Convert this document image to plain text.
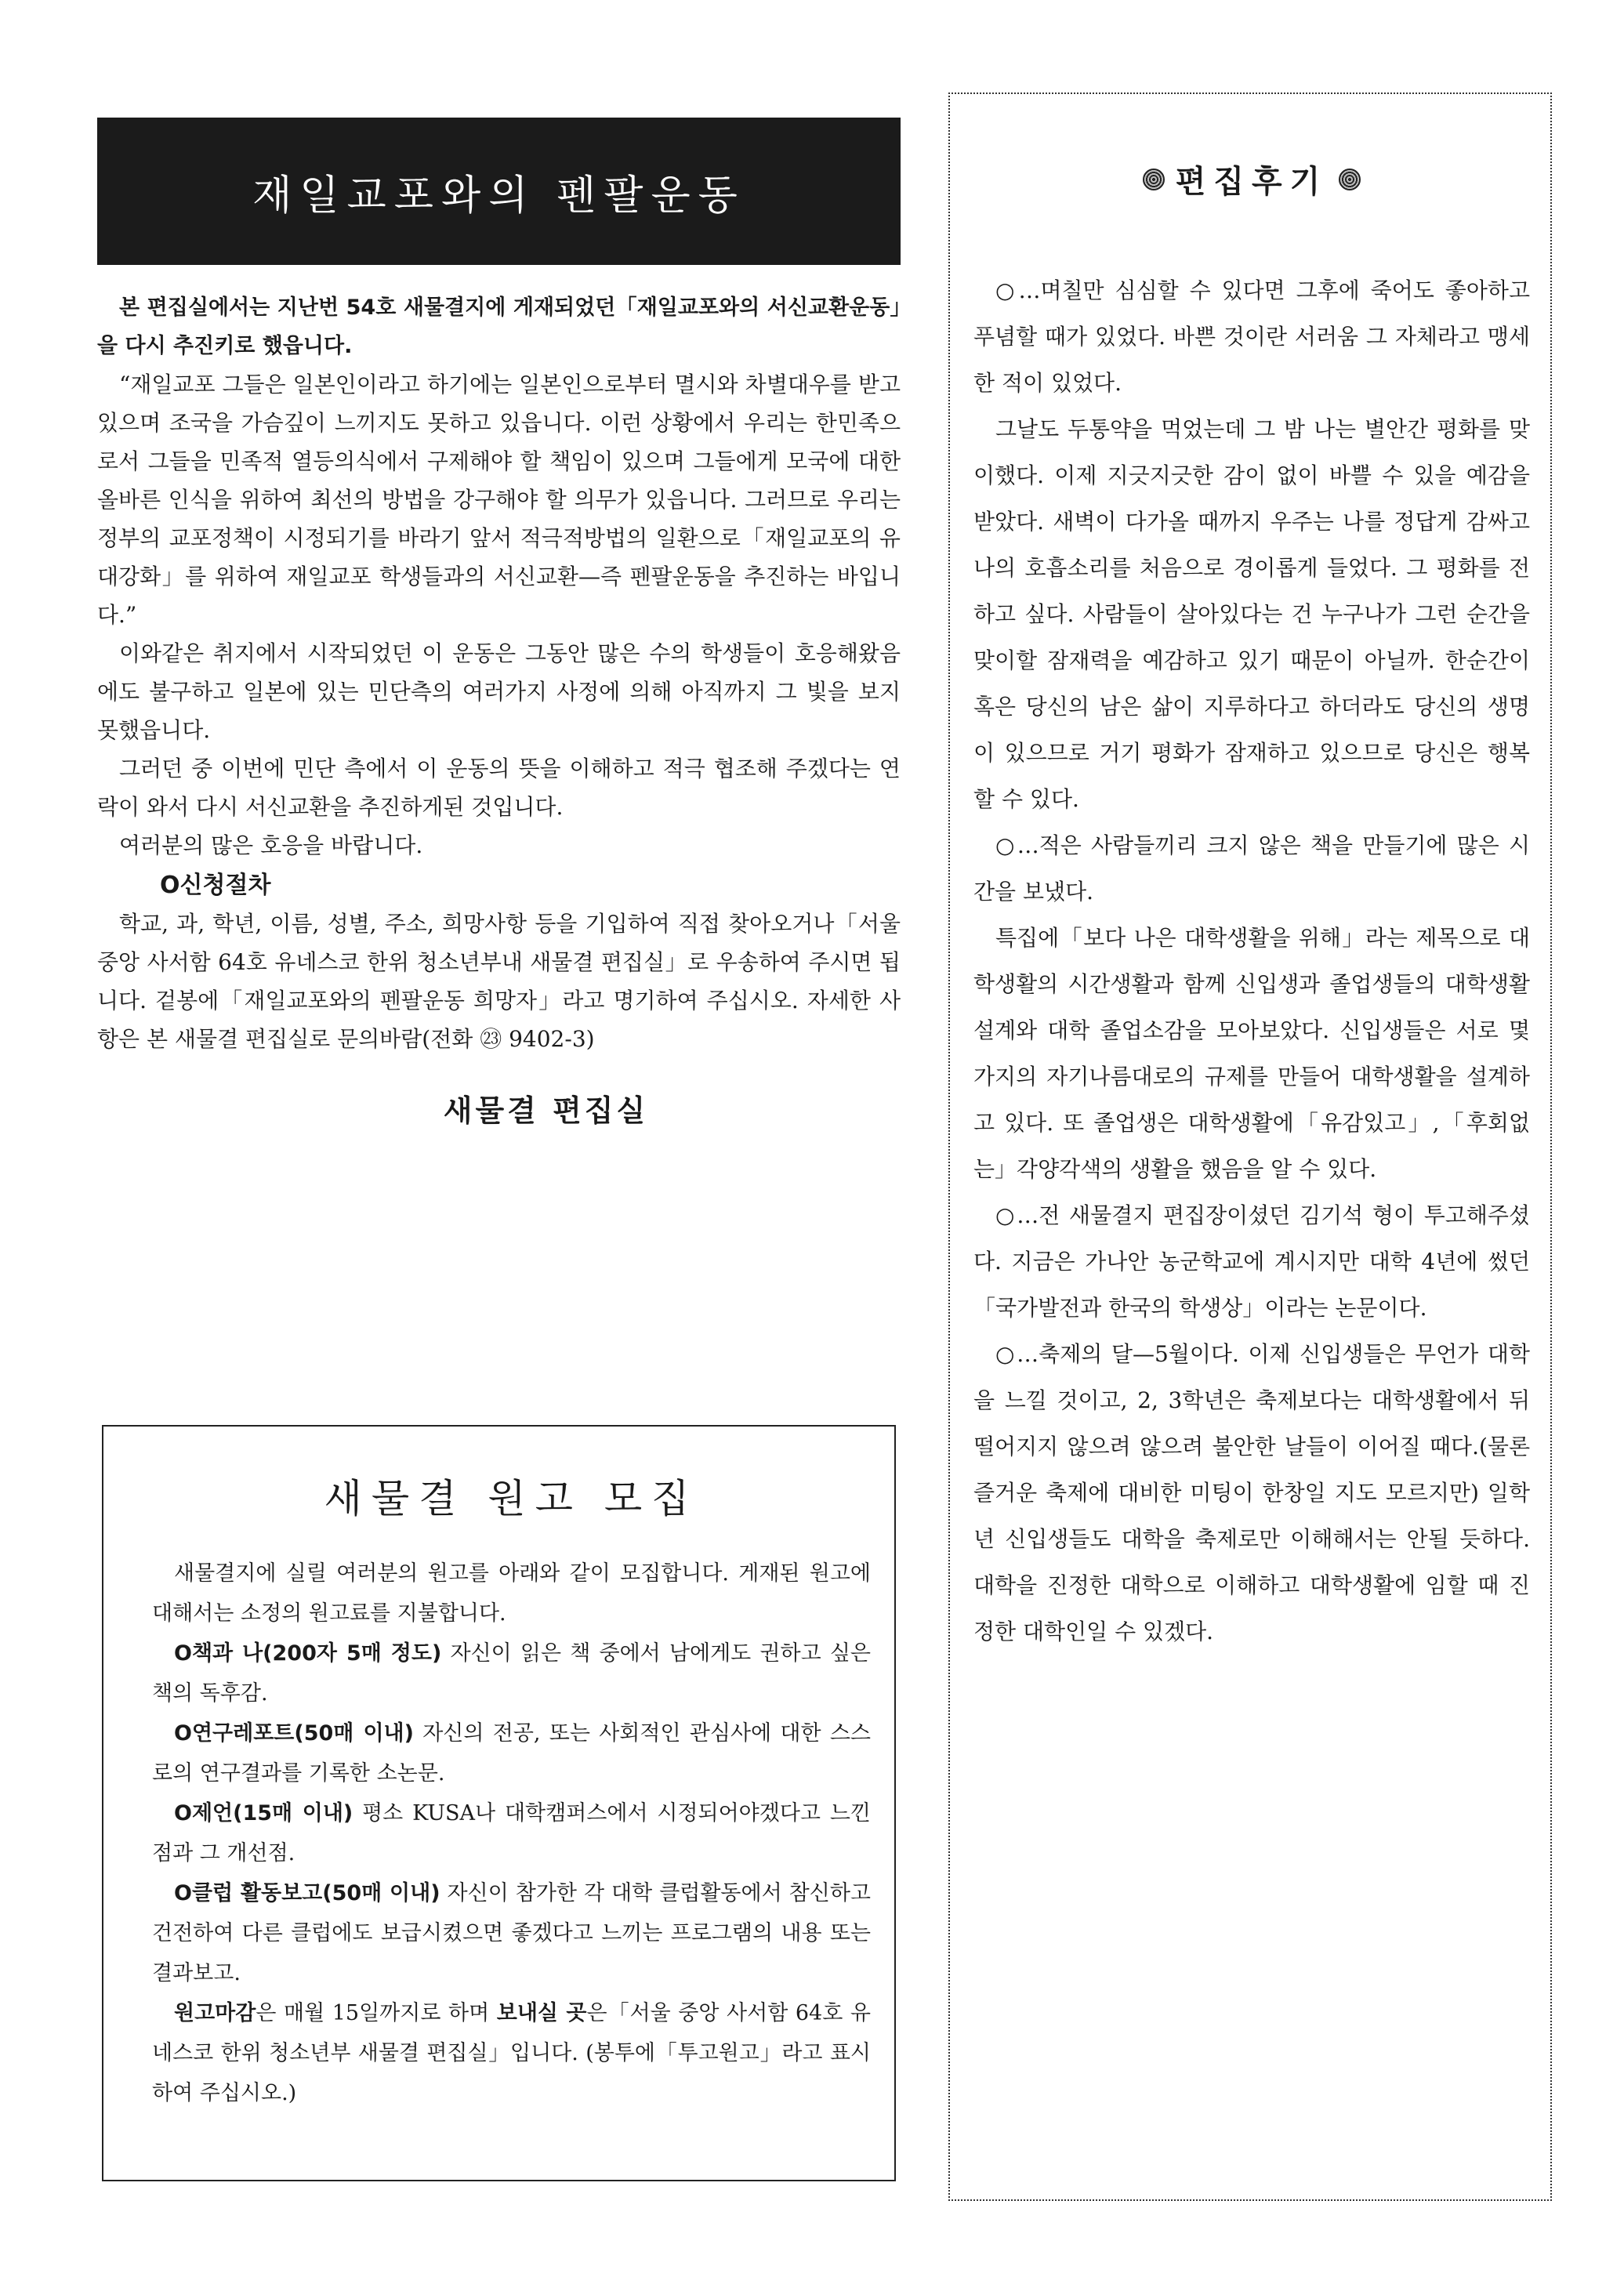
재일교포와의 펜팔운동

본 편집실에서는 지난번 54호 새물결지에 게재되었던「재일교포와의 서신교환운동」을 다시 추진키로 했읍니다.

“재일교포 그들은 일본인이라고 하기에는 일본인으로부터 멸시와 차별대우를 받고 있으며 조국을 가슴깊이 느끼지도 못하고 있읍니다. 이런 상황에서 우리는 한민족으로서 그들을 민족적 열등의식에서 구제해야 할 책임이 있으며 그들에게 모국에 대한 올바른 인식을 위하여 최선의 방법을 강구해야 할 의무가 있읍니다. 그러므로 우리는 정부의 교포정책이 시정되기를 바라기 앞서 적극적방법의 일환으로「재일교포의 유대강화」를 위하여 재일교포 학생들과의 서신교환—즉 펜팔운동을 추진하는 바입니다.”

이와같은 취지에서 시작되었던 이 운동은 그동안 많은 수의 학생들이 호응해왔음에도 불구하고 일본에 있는 민단측의 여러가지 사정에 의해 아직까지 그 빛을 보지 못했읍니다.

그러던 중 이번에 민단 측에서 이 운동의 뜻을 이해하고 적극 협조해 주겠다는 연락이 와서 다시 서신교환을 추진하게된 것입니다.

여러분의 많은 호응을 바랍니다.

O신청절차

학교, 과, 학년, 이름, 성별, 주소, 희망사항 등을 기입하여 직접 찾아오거나「서울중앙 사서함 64호 유네스코 한위 청소년부내 새물결 편집실」로 우송하여 주시면 됩니다. 겉봉에「재일교포와의 펜팔운동 희망자」라고 명기하여 주십시오. 자세한 사항은 본 새물결 편집실로 문의바람(전화 ㉓ 9402-3)

새물결 편집실
새물결 원고 모집

새물결지에 실릴 여러분의 원고를 아래와 같이 모집합니다. 게재된 원고에 대해서는 소정의 원고료를 지불합니다.

O책과 나(200자 5매 정도) 자신이 읽은 책 중에서 남에게도 권하고 싶은 책의 독후감.

O연구레포트(50매 이내) 자신의 전공, 또는 사회적인 관심사에 대한 스스로의 연구결과를 기록한 소논문.

O제언(15매 이내) 평소 KUSA나 대학캠퍼스에서 시정되어야겠다고 느낀 점과 그 개선점.

O클럽 활동보고(50매 이내) 자신이 참가한 각 대학 클럽활동에서 참신하고 건전하여 다른 클럽에도 보급시켰으면 좋겠다고 느끼는 프로그램의 내용 또는 결과보고.

원고마감은 매월 15일까지로 하며 보내실 곳은「서울 중앙 사서함 64호 유네스코 한위 청소년부 새물결 편집실」입니다. (봉투에「투고원고」라고 표시하여 주십시오.)

편집후기

○…며칠만 심심할 수 있다면 그후에 죽어도 좋아하고 푸념할 때가 있었다. 바쁜 것이란 서러움 그 자체라고 맹세한 적이 있었다.

그날도 두통약을 먹었는데 그 밤 나는 별안간 평화를 맞이했다. 이제 지긋지긋한 감이 없이 바쁠 수 있을 예감을 받았다. 새벽이 다가올 때까지 우주는 나를 정답게 감싸고 나의 호흡소리를 처음으로 경이롭게 들었다. 그 평화를 전하고 싶다. 사람들이 살아있다는 건 누구나가 그런 순간을 맞이할 잠재력을 예감하고 있기 때문이 아닐까. 한순간이 혹은 당신의 남은 삶이 지루하다고 하더라도 당신의 생명이 있으므로 거기 평화가 잠재하고 있으므로 당신은 행복할 수 있다.

○…적은 사람들끼리 크지 않은 책을 만들기에 많은 시간을 보냈다.

특집에「보다 나은 대학생활을 위해」라는 제목으로 대학생활의 시간생활과 함께 신입생과 졸업생들의 대학생활 설계와 대학 졸업소감을 모아보았다. 신입생들은 서로 몇가지의 자기나름대로의 규제를 만들어 대학생활을 설계하고 있다. 또 졸업생은 대학생활에「유감있고」,「후회없는」각양각색의 생활을 했음을 알 수 있다.

○…전 새물결지 편집장이셨던 김기석 형이 투고해주셨다. 지금은 가나안 농군학교에 계시지만 대학 4년에 썼던「국가발전과 한국의 학생상」이라는 논문이다.

○…축제의 달—5월이다. 이제 신입생들은 무언가 대학을 느낄 것이고, 2, 3학년은 축제보다는 대학생활에서 뒤떨어지지 않으려 않으려 불안한 날들이 이어질 때다.(물론 즐거운 축제에 대비한 미팅이 한창일 지도 모르지만) 일학년 신입생들도 대학을 축제로만 이해해서는 안될 듯하다. 대학을 진정한 대학으로 이해하고 대학생활에 임할 때 진정한 대학인일 수 있겠다.
